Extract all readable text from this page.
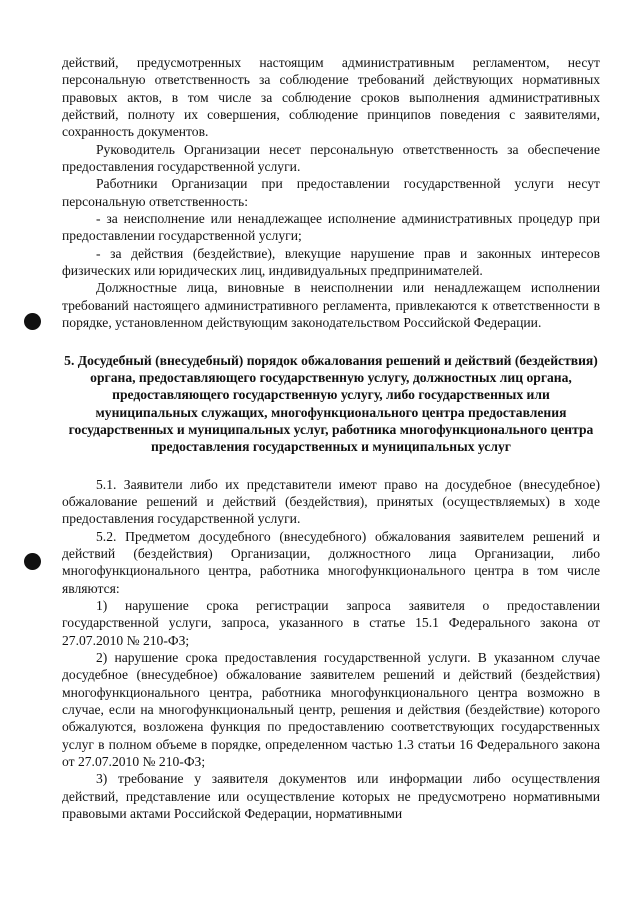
действий, предусмотренных настоящим административным регламентом, несут персональную ответственность за соблюдение требований действующих нормативных правовых актов, в том числе за соблюдение сроков выполнения административных действий, полноту их совершения, соблюдение принципов поведения с заявителями, сохранность документов.

Руководитель Организации несет персональную ответственность за обеспечение предоставления государственной услуги.

Работники Организации при предоставлении государственной услуги несут персональную ответственность:

- за неисполнение или ненадлежащее исполнение административных процедур при предоставлении государственной услуги;

- за действия (бездействие), влекущие нарушение прав и законных интересов физических или юридических лиц, индивидуальных предпринимателей.

Должностные лица, виновные в неисполнении или ненадлежащем исполнении требований настоящего административного регламента, привлекаются к ответственности в порядке, установленном действующим законодательством Российской Федерации.

5. Досудебный (внесудебный) порядок обжалования решений и действий (бездействия) органа, предоставляющего государственную услугу, должностных лиц органа, предоставляющего государственную услугу, либо государственных или муниципальных служащих, многофункционального центра предоставления государственных и муниципальных услуг, работника многофункционального центра предоставления государственных и муниципальных услуг

5.1. Заявители либо их представители имеют право на досудебное (внесудебное) обжалование решений и действий (бездействия), принятых (осуществляемых) в ходе предоставления государственной услуги.

5.2. Предметом досудебного (внесудебного) обжалования заявителем решений и действий (бездействия) Организации, должностного лица Организации, либо многофункционального центра, работника многофункционального центра в том числе являются:

1) нарушение срока регистрации запроса заявителя о предоставлении государственной услуги, запроса, указанного в статье 15.1 Федерального закона от 27.07.2010 № 210-ФЗ;

2) нарушение срока предоставления государственной услуги. В указанном случае досудебное (внесудебное) обжалование заявителем решений и действий (бездействия) многофункционального центра, работника многофункционального центра возможно в случае, если на многофункциональный центр, решения и действия (бездействие) которого обжалуются, возложена функция по предоставлению соответствующих государственных услуг в полном объеме в порядке, определенном частью 1.3 статьи 16 Федерального закона от 27.07.2010 № 210-ФЗ;

3) требование у заявителя документов или информации либо осуществления действий, представление или осуществление которых не предусмотрено нормативными правовыми актами Российской Федерации, нормативными
